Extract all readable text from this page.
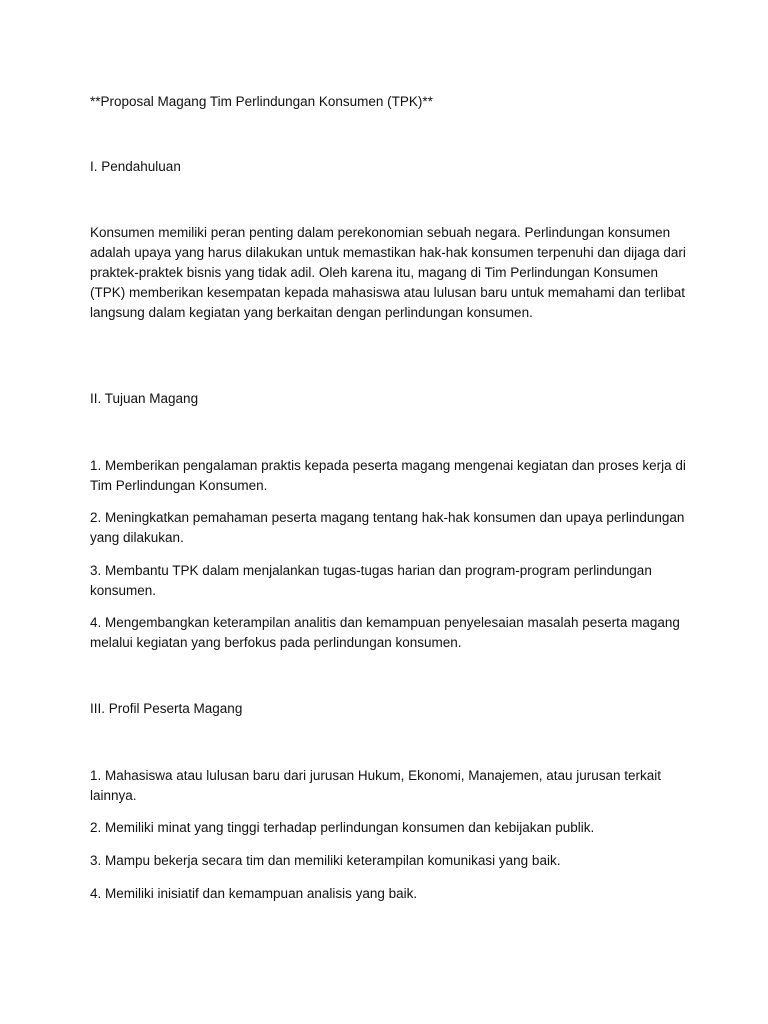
**Proposal Magang Tim Perlindungan Konsumen (TPK)**
I. Pendahuluan
Konsumen memiliki peran penting dalam perekonomian sebuah negara. Perlindungan konsumen adalah upaya yang harus dilakukan untuk memastikan hak-hak konsumen terpenuhi dan dijaga dari praktek-praktek bisnis yang tidak adil. Oleh karena itu, magang di Tim Perlindungan Konsumen (TPK) memberikan kesempatan kepada mahasiswa atau lulusan baru untuk memahami dan terlibat langsung dalam kegiatan yang berkaitan dengan perlindungan konsumen.
II. Tujuan Magang
1. Memberikan pengalaman praktis kepada peserta magang mengenai kegiatan dan proses kerja di Tim Perlindungan Konsumen.
2. Meningkatkan pemahaman peserta magang tentang hak-hak konsumen dan upaya perlindungan yang dilakukan.
3. Membantu TPK dalam menjalankan tugas-tugas harian dan program-program perlindungan konsumen.
4. Mengembangkan keterampilan analitis dan kemampuan penyelesaian masalah peserta magang melalui kegiatan yang berfokus pada perlindungan konsumen.
III. Profil Peserta Magang
1. Mahasiswa atau lulusan baru dari jurusan Hukum, Ekonomi, Manajemen, atau jurusan terkait lainnya.
2. Memiliki minat yang tinggi terhadap perlindungan konsumen dan kebijakan publik.
3. Mampu bekerja secara tim dan memiliki keterampilan komunikasi yang baik.
4. Memiliki inisiatif dan kemampuan analisis yang baik.
